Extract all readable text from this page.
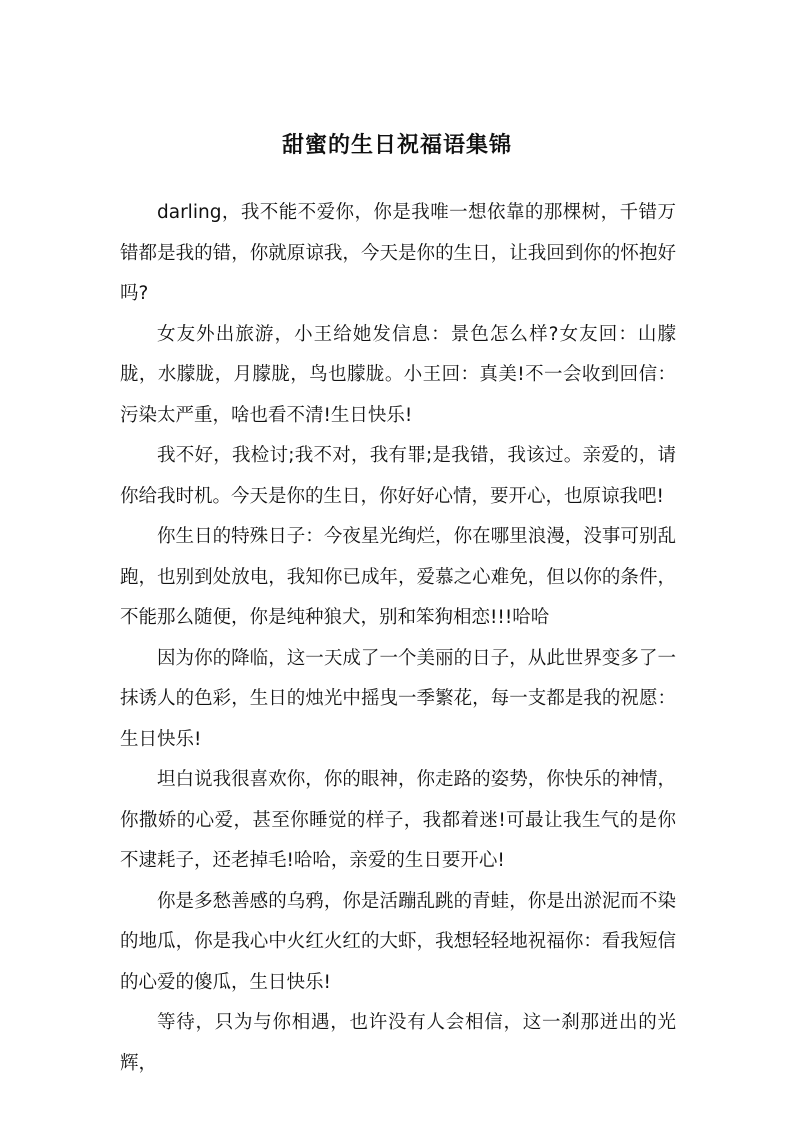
甜蜜的生日祝福语集锦

darling，我不能不爱你，你是我唯一想依靠的那棵树，千错万错都是我的错，你就原谅我，今天是你的生日，让我回到你的怀抱好吗?

女友外出旅游，小王给她发信息：景色怎么样?女友回：山朦胧，水朦胧，月朦胧，鸟也朦胧。小王回：真美!不一会收到回信：污染太严重，啥也看不清!生日快乐!

我不好，我检讨;我不对，我有罪;是我错，我该过。亲爱的，请你给我时机。今天是你的生日，你好好心情，要开心，也原谅我吧!

你生日的特殊日子：今夜星光绚烂，你在哪里浪漫，没事可别乱跑，也别到处放电，我知你已成年，爱慕之心难免，但以你的条件，不能那么随便，你是纯种狼犬，别和笨狗相恋!!!哈哈

因为你的降临，这一天成了一个美丽的日子，从此世界变多了一抹诱人的色彩，生日的烛光中摇曳一季繁花，每一支都是我的祝愿：生日快乐!

坦白说我很喜欢你，你的眼神，你走路的姿势，你快乐的神情，你撒娇的心爱，甚至你睡觉的样子，我都着迷!可最让我生气的是你不逮耗子，还老掉毛!哈哈，亲爱的生日要开心!

你是多愁善感的乌鸦，你是活蹦乱跳的青蛙，你是出淤泥而不染的地瓜，你是我心中火红火红的大虾，我想轻轻地祝福你：看我短信的心爱的傻瓜，生日快乐!

等待，只为与你相遇，也许没有人会相信，这一刹那迸出的光辉，
